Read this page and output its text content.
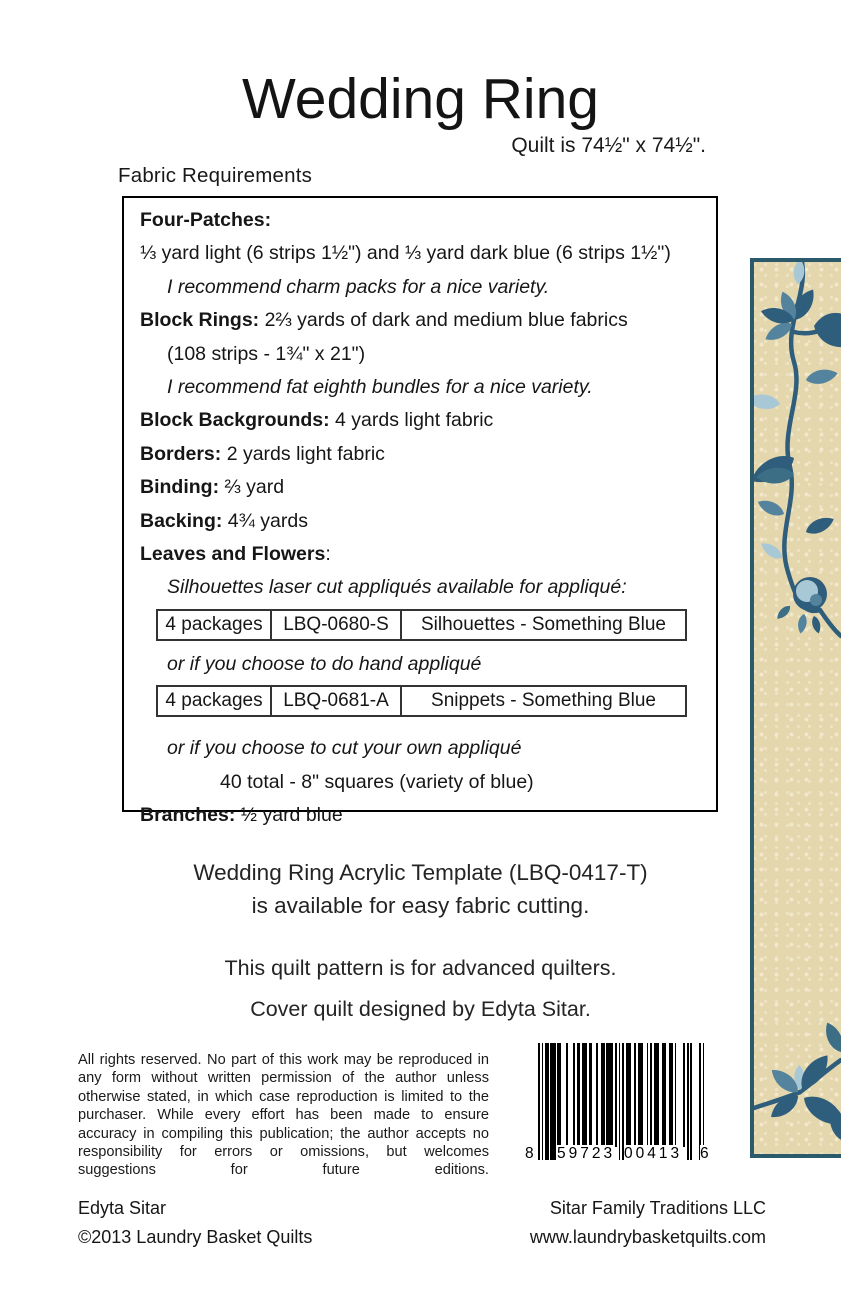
Wedding Ring
Quilt is 74½" x 74½".
Fabric Requirements
Four-Patches:
⅓ yard light (6 strips 1½") and ⅓ yard dark blue (6 strips 1½")
I recommend charm packs for a nice variety.
Block Rings: 2⅔ yards of dark and medium blue fabrics
(108 strips - 1¾" x 21")
I recommend fat eighth bundles for a nice variety.
Block Backgrounds: 4 yards light fabric
Borders: 2 yards light fabric
Binding: ⅔ yard
Backing: 4¾ yards
Leaves and Flowers:
Silhouettes laser cut appliqués available for appliqué:
4 packages	LBQ-0680-S	Silhouettes - Something Blue
or if you choose to do hand appliqué
4 packages	LBQ-0681-A	Snippets - Something Blue
or if you choose to cut your own appliqué
40 total - 8" squares (variety of blue)
Branches: ½ yard blue
Wedding Ring Acrylic Template (LBQ-0417-T)
is available for easy fabric cutting.
This quilt pattern is for advanced quilters.
Cover quilt designed by Edyta Sitar.

All rights reserved. No part of this work may be reproduced in any form without written permission of the author unless otherwise stated, in which case reproduction is limited to the purchaser. While every effort has been made to ensure accuracy in compiling this publication; the author accepts no responsibility for errors or omissions, but welcomes suggestions for future editions.

8 59723 00413 6
Edyta Sitar
©2013 Laundry Basket Quilts
Sitar Family Traditions LLC
www.laundrybasketquilts.com
